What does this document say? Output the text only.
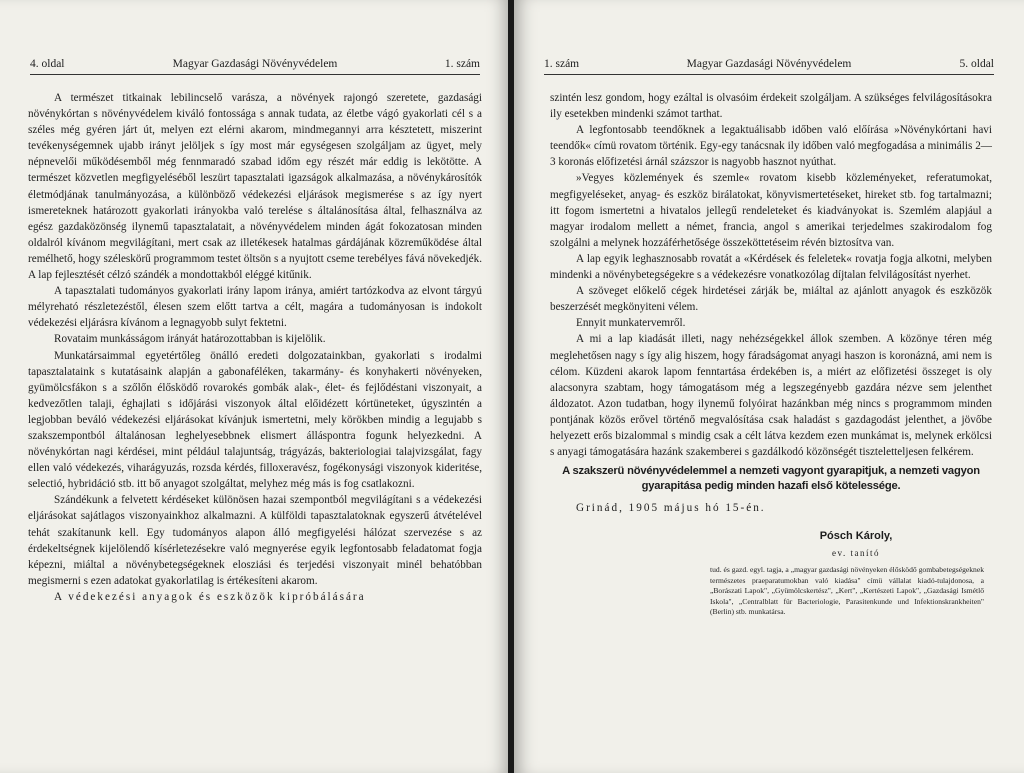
4. oldal	Magyar Gazdasági Növényvédelem	1. szám

A természet titkainak lebilincselő varásza, a növények rajongó szeretete, gazdasági növénykórtan s növényvédelem kiváló fontossága s annak tudata, az életbe vágó gyakorlati cél s a széles még gyéren járt út, melyen ezt elérni akarom, mindmegannyi arra késztetett, miszerint tevékenységemnek ujabb irányt jelöljek s így most már egységesen szolgáljam az ügyet, mely népnevelői működésemből még fennmaradó szabad időm egy részét már eddig is lekötötte. A természet közvetlen megfigyeléséből leszürt tapasztalati igazságok alkalmazása, a növénykárosítók életmódjának tanulmányozása, a különböző védekezési eljárások megismerése s az így nyert ismereteknek határozott gyakorlati irányokba való terelése s általánosítása által, felhasználva az egész gazdaközönség ilynemű tapasztalatait, a növényvédelem minden ágát fokozatosan minden oldalról kívánom megvilágítani, mert csak az illetékesek hatalmas gárdájának közreműködése által remélhető, hogy széleskörű programmom testet öltsön s a nyujtott cseme terebélyes fává növekedjék. A lap fejlesztését célzó szándék a mondottakból eléggé kitűnik.

A tapasztalati tudományos gyakorlati irány lapom iránya, amiért tartózkodva az elvont tárgyú mélyreható részletezéstől, élesen szem előtt tartva a célt, magára a tudományosan is indokolt védekezési eljárásra kívánom a legnagyobb sulyt fektetni.

Rovataim munkásságom irányát határozottabban is kijelölik.

Munkatársaimmal egyetértőleg önálló eredeti dolgozatainkban, gyakorlati s irodalmi tapasztalataink s kutatásaink alapján a gabonaféléken, takarmány- és konyhakerti növényeken, gyümölcsfákon s a szőlőn élősködő rovarokés gombák alak-, élet- és fejlődéstani viszonyait, a kedvezőtlen talaji, éghajlati s időjárási viszonyok által előidézett kórtüneteket, úgyszintén a legjobban beváló védekezési eljárásokat kívánjuk ismertetni, mely körökben mindig a legujabb s szakszempontból általánosan leghelyesebbnek elismert álláspontra fogunk helyezkedni. A növénykórtan nagi kérdései, mint például talajuntság, trágyázás, bakteriologiai talajvizsgálat, fagy ellen való védekezés, viharágyuzás, rozsda kérdés, filloxeravész, fogékonysági viszonyok kideritése, selectió, hybridáció stb. itt bő anyagot szolgáltat, melyhez még más is fog csatlakozni.

Szándékunk a felvetett kérdéseket különösen hazai szempontból megvilágítani s a védekezési eljárásokat sajátlagos viszonyainkhoz alkalmazni. A külföldi tapasztalatoknak egyszerű átvételével tehát szakítanunk kell. Egy tudományos alapon álló megfigyelési hálózat szervezése s az érdekeltségnek kijelölendő kísérletezésekre való megnyerése egyik legfontosabb feladatomat fogja képezni, miáltal a növénybetegségeknek elosziási és terjedési viszonyait minél behatóbban megismerni s ezen adatokat gyakorlatilag is értékesíteni akarom.

A védekezési anyagok és eszközök kipróbálására

1. szám	Magyar Gazdasági Növényvédelem	5. oldal

szintén lesz gondom, hogy ezáltal is olvasóim érdekeit szolgáljam. A szükséges felvilágosításokra ily esetekben mindenki számot tarthat.

A legfontosabb teendőknek a legaktuálisabb időben való előírása »Növénykórtani havi teendők« címü rovatom történik. Egy-egy tanácsnak ily időben való megfogadása a minimális 2—3 koronás előfizetési árnál százszor is nagyobb hasznot nyúthat.

»Vegyes közlemények és szemle« rovatom kisebb közleményeket, referatumokat, megfigyeléseket, anyag- és eszköz birálatokat, könyvismertetéseket, hireket stb. fog tartalmazni; itt fogom ismertetni a hivatalos jellegű rendeleteket és kiadványokat is. Szemlém alapjául a magyar irodalom mellett a német, francia, angol s amerikai terjedelmes szakirodalom fog szolgálni a melynek hozzáférhetősége összeköttetéseim révén biztosítva van.

A lap egyik leghasznosabb rovatát a «Kérdések és feleletek« rovatja fogja alkotni, melyben mindenki a növénybetegségekre s a védekezésre vonatkozólag díjtalan felvilágosítást nyerhet.

A szöveget előkelő cégek hirdetései zárják be, miáltal az ajánlott anyagok és eszközök beszerzését megkönyiteni vélem.

Ennyit munkatervemről.

A mi a lap kiadását illeti, nagy nehézségekkel állok szemben. A közönye téren még meglehetősen nagy s így alig hiszem, hogy fáradságomat anyagi haszon is koronázná, ami nem is célom. Küzdeni akarok lapom fenntartása érdekében is, a miért az előfizetési összeget is oly alacsonyra szabtam, hogy támogatásom még a legszegényebb gazdára nézve sem jelenthet áldozatot. Azon tudatban, hogy ilynemű folyóirat hazánkban még nincs s programmom minden pontjának közös erővel történő megvalósítása csak haladást s gazdagodást jelenthet, a jövőbe helyezett erős bizalommal s mindig csak a célt látva kezdem ezen munkámat is, melynek erkölcsi s anyagi támogatására hazánk szakemberei s gazdálkodó közönségét tiszteletteljesen felkérem.

A szakszerü növényvédelemmel a nemzeti vagyont gyarapitjuk, a nemzeti vagyon gyarapitása pedig minden hazafi első kötelessége.

Grinád, 1905 május hó 15-én.

Pósch Károly,
ev. tanító
tud. és gazd. egyl. tagja, a „magyar gazdasági növényeken élősködő gombabetegségeknek természetes praeparatumokban való kiadása" címü vállalat kiadó-tulajdonosa, a „Borászati Lapok", „Gyümölcskertész", „Kert", „Kertészeti Lapok", „Gazdasági Ismétlő Iskola", „Centralblatt für Bacteriologie, Parasitenkunde und Infektionskrankheiten" (Berlin) stb. munkatársa.
